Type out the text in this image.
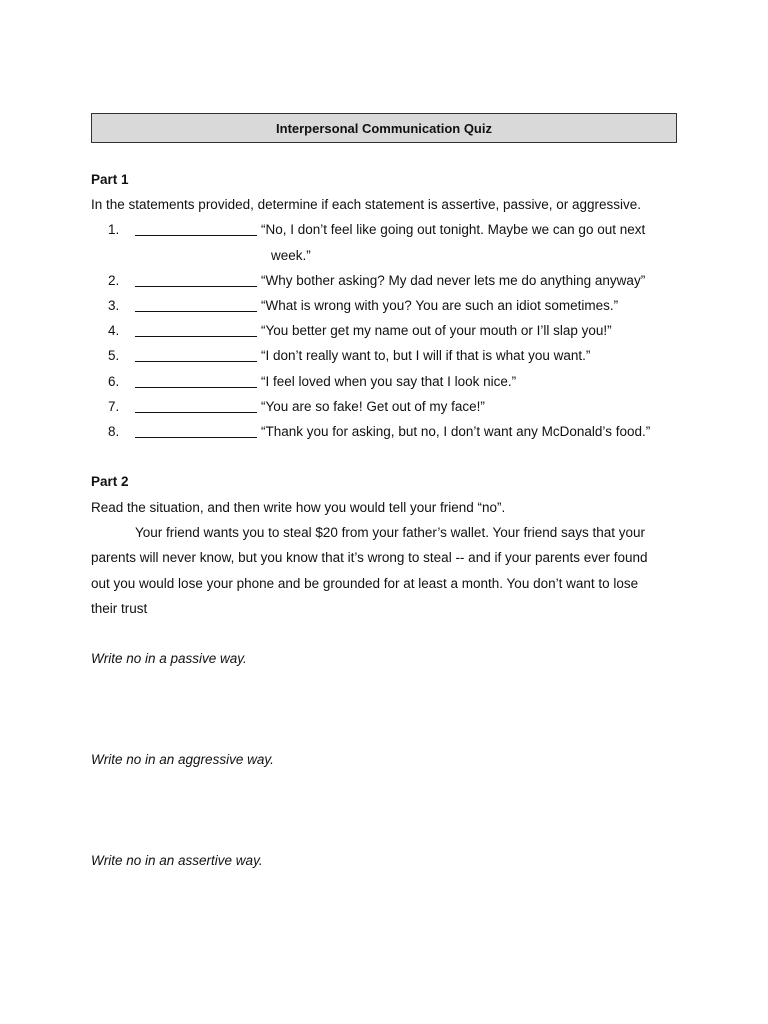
Interpersonal Communication Quiz
Part 1
In the statements provided, determine if each statement is assertive, passive, or aggressive.
1.	“No, I don’t feel like going out tonight. Maybe we can go out next
week.”
2.	“Why bother asking? My dad never lets me do anything anyway”
3.	“What is wrong with you? You are such an idiot sometimes.”
4.	“You better get my name out of your mouth or I’ll slap you!”
5.	“I don’t really want to, but I will if that is what you want.”
6.	“I feel loved when you say that I look nice.”
7.	“You are so fake! Get out of my face!”
8.	“Thank you for asking, but no, I don’t want any McDonald’s food.”
Part 2
Read the situation, and then write how you would tell your friend “no”.
Your friend wants you to steal $20 from your father’s wallet. Your friend says that your
parents will never know, but you know that it’s wrong to steal -- and if your parents ever found
out you would lose your phone and be grounded for at least a month. You don’t want to lose
their trust
Write no in a passive way.
Write no in an aggressive way.
Write no in an assertive way.
